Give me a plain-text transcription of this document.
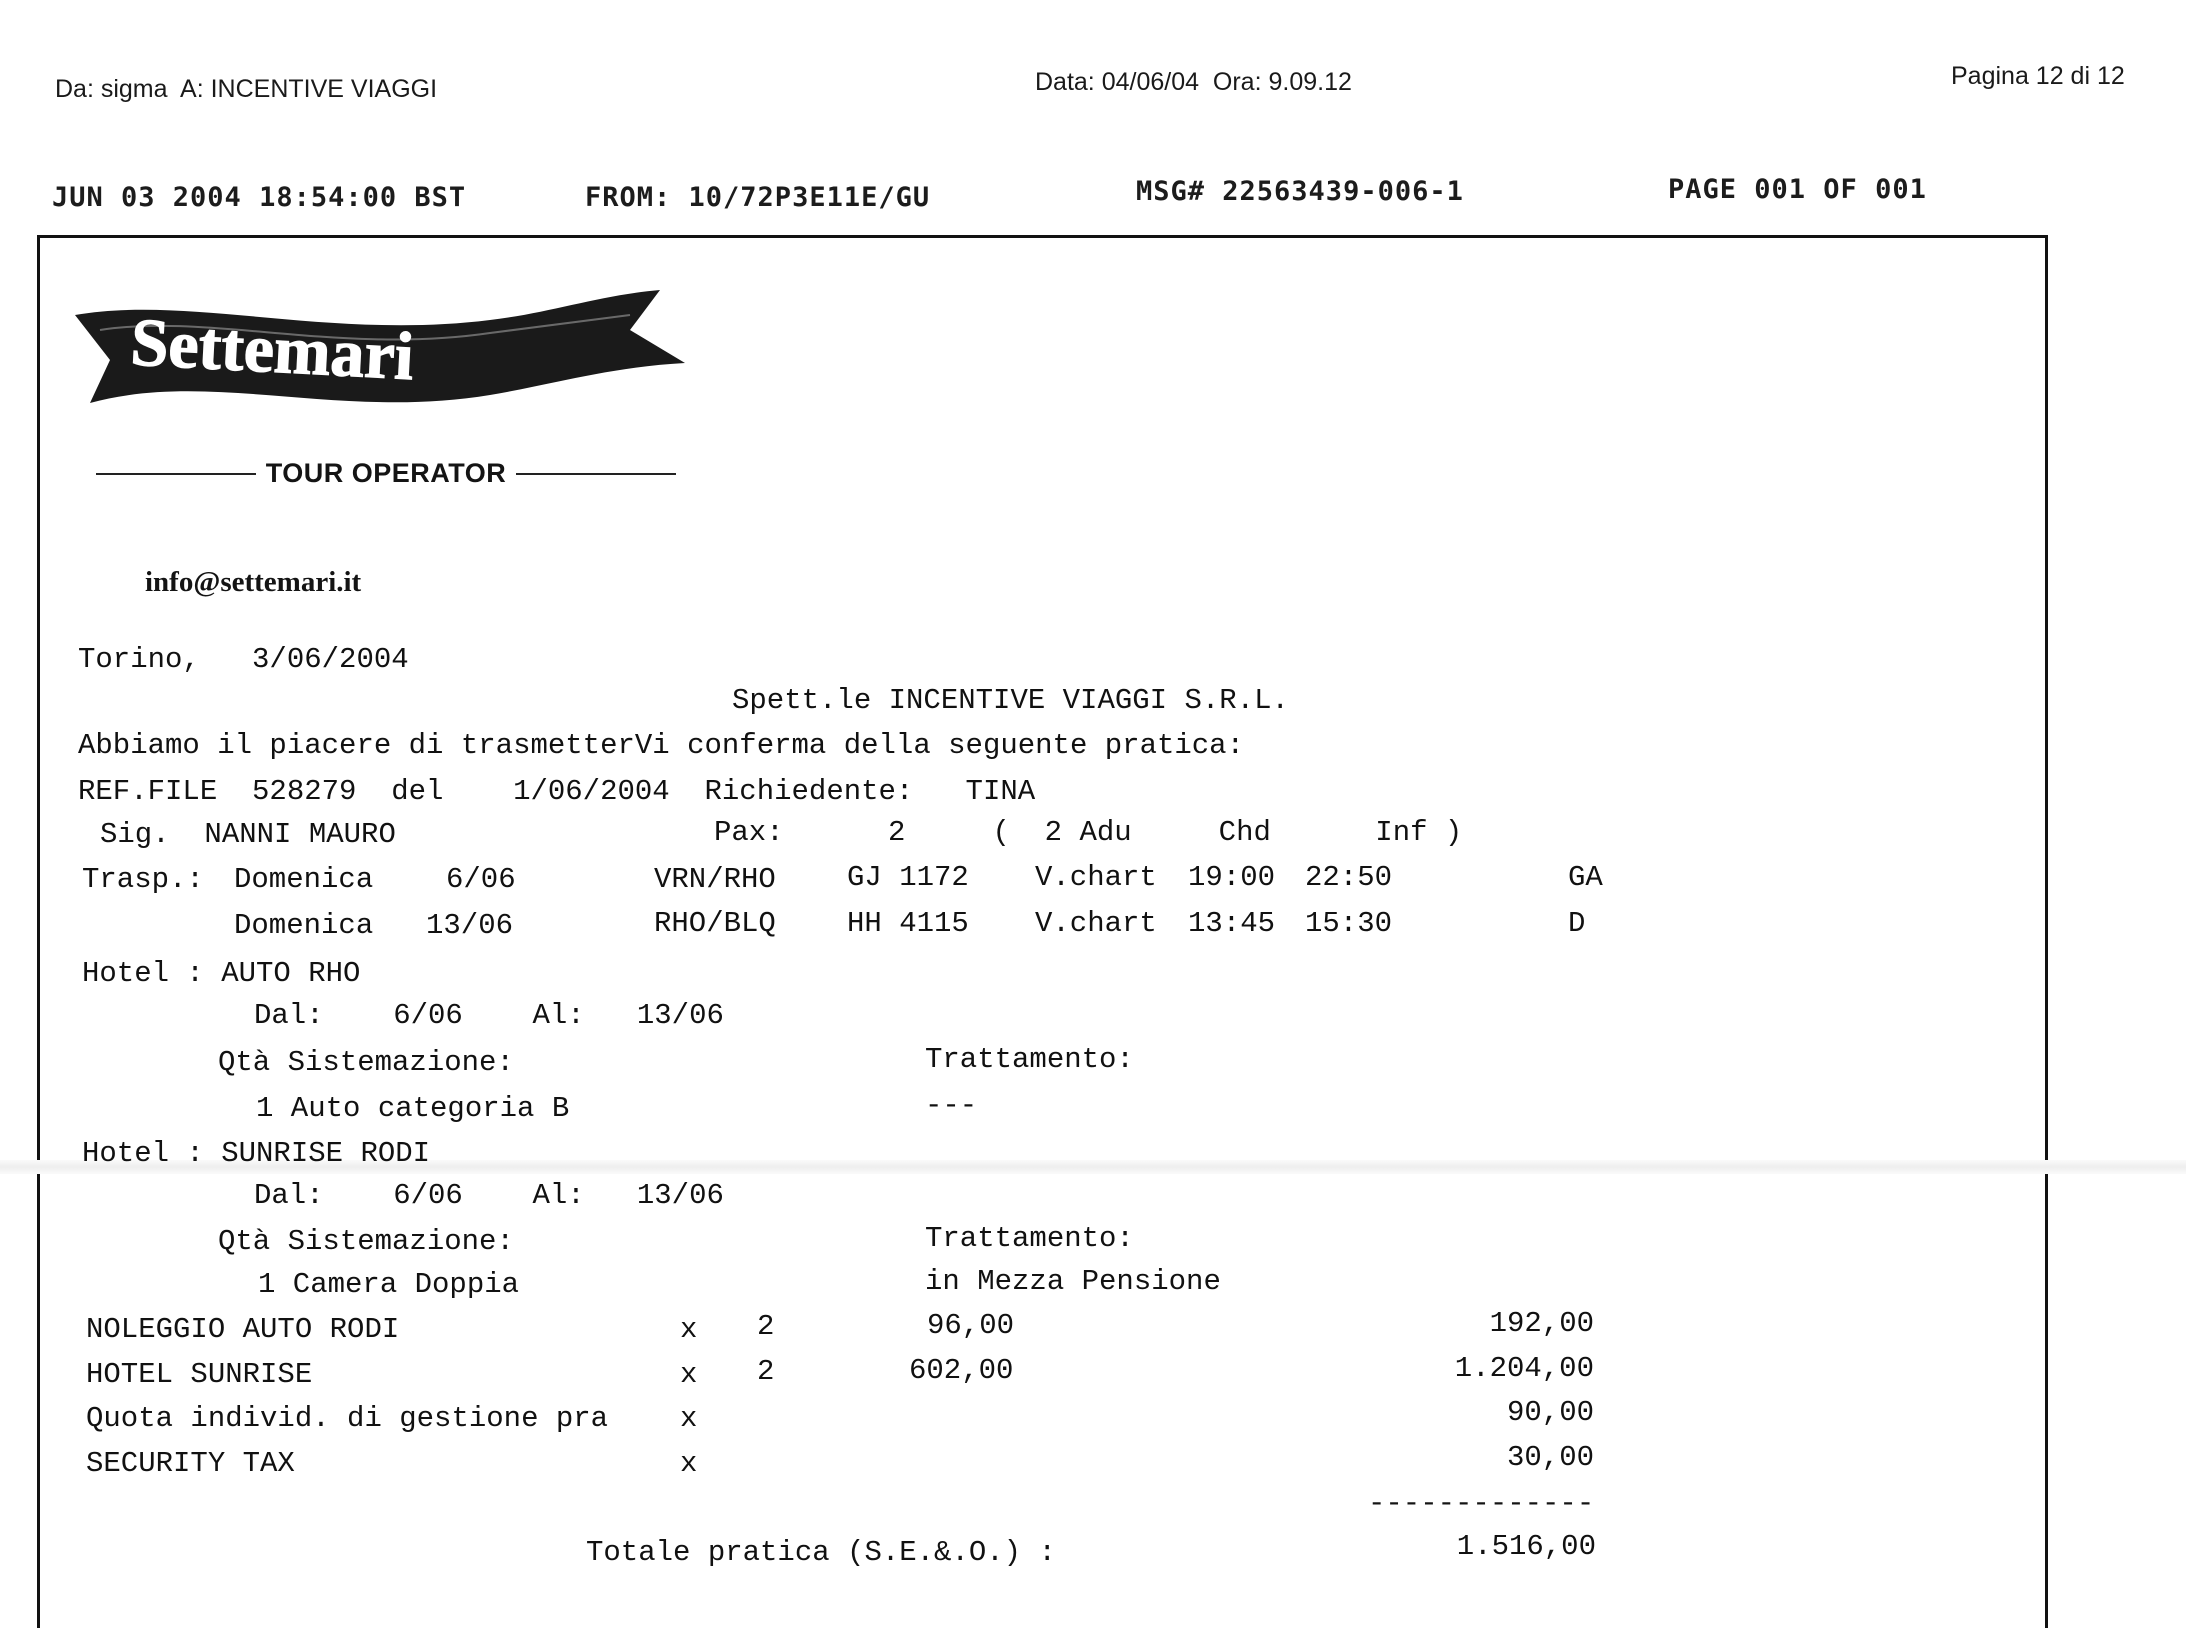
Da: sigma  A: INCENTIVE VIAGGI	Data: 04/06/04  Ora: 9.09.12	Pagina 12 di 12
JUN 03 2004 18:54:00 BST	FROM: 10/72P3E11E/GU	MSG# 22563439-006-1	PAGE 001 OF 001
Settemari
TOUR OPERATOR
info@settemari.it
Torino,   3/06/2004
Spett.le INCENTIVE VIAGGI S.R.L.
Abbiamo il piacere di trasmetterVi conferma della seguente pratica:
REF.FILE  528279  del    1/06/2004  Richiedente:   TINA
Sig.  NANNI MAURO	Pax:      2     (  2 Adu     Chd      Inf )
Trasp.: Domenica	6/06	VRN/RHO GJ 1172 V.chart 19:00 22:50	GA
Domenica 13/06	RHO/BLQ HH 4115 V.chart 13:45 15:30	D
Hotel : AUTO RHO
Dal:    6/06    Al:   13/06
Qtà Sistemazione:	Trattamento:
1 Auto categoria B	---
Hotel : SUNRISE RODI
Dal:    6/06    Al:   13/06
Qtà Sistemazione:	Trattamento:
1 Camera Doppia	in Mezza Pensione
NOLEGGIO AUTO RODI	x 2	96,00	192,00
HOTEL SUNRISE	x 2	602,00	1.204,00
Quota individ. di gestione pra x	90,00
SECURITY TAX	x	30,00
-------------
Totale pratica (S.E.&.O.) :	1.516,00
